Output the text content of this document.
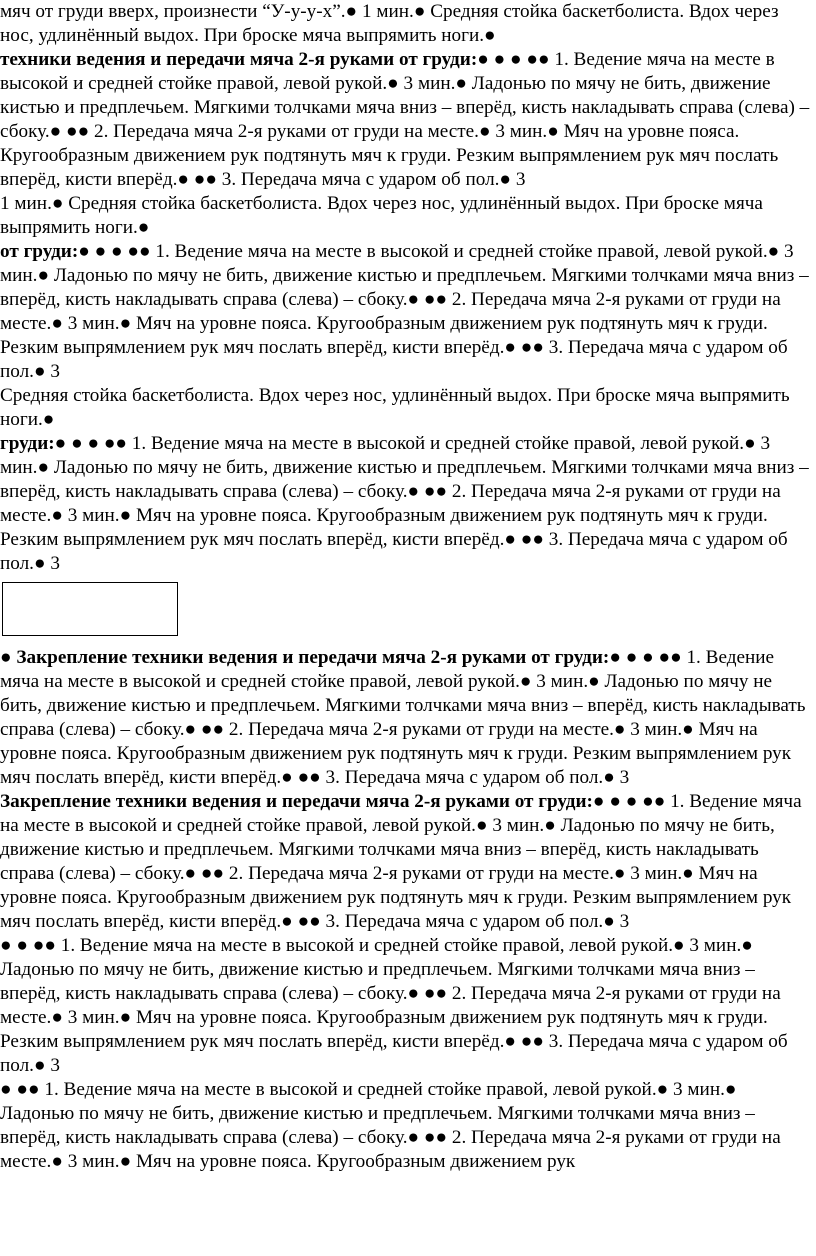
мяч от груди вверх, произнести “У-у-у-х”.● 1 мин.● Средняя стойка баскетболиста. Вдох через нос, удлинённый выдох. При броске мяча выпрямить ноги.●

техники ведения и передачи мяча 2-я руками от груди:● ● ● ●● 1. Ведение мяча на месте в высокой и средней стойке правой, левой рукой.● 3 мин.● Ладонью по мячу не бить, движение кистью и предплечьем. Мягкими толчками мяча вниз – вперёд, кисть накладывать справа (слева) – сбоку.● ●● 2. Передача мяча 2-я руками от груди на месте.● 3 мин.● Мяч на уровне пояса. Кругообразным движением рук подтянуть мяч к груди. Резким выпрямлением рук мяч послать вперёд, кисти вперёд.● ●● 3. Передача мяча с ударом об пол.● 3

1 мин.● Средняя стойка баскетболиста. Вдох через нос, удлинённый выдох. При броске мяча выпрямить ноги.●

от груди:● ● ● ●● 1. Ведение мяча на месте в высокой и средней стойке правой, левой рукой.● 3 мин.● Ладонью по мячу не бить, движение кистью и предплечьем. Мягкими толчками мяча вниз – вперёд, кисть накладывать справа (слева) – сбоку.● ●● 2. Передача мяча 2-я руками от груди на месте.● 3 мин.● Мяч на уровне пояса. Кругообразным движением рук подтянуть мяч к груди. Резким выпрямлением рук мяч послать вперёд, кисти вперёд.● ●● 3. Передача мяча с ударом об пол.● 3

Средняя стойка баскетболиста. Вдох через нос, удлинённый выдох. При броске мяча выпрямить ноги.●

груди:● ● ● ●● 1. Ведение мяча на месте в высокой и средней стойке правой, левой рукой.● 3 мин.● Ладонью по мячу не бить, движение кистью и предплечьем. Мягкими толчками мяча вниз – вперёд, кисть накладывать справа (слева) – сбоку.● ●● 2. Передача мяча 2-я руками от груди на месте.● 3 мин.● Мяч на уровне пояса. Кругообразным движением рук подтянуть мяч к груди. Резким выпрямлением рук мяч послать вперёд, кисти вперёд.● ●● 3. Передача мяча с ударом об пол.● 3

● Закрепление техники ведения и передачи мяча 2-я руками от груди:● ● ● ●● 1. Ведение мяча на месте в высокой и средней стойке правой, левой рукой.● 3 мин.● Ладонью по мячу не бить, движение кистью и предплечьем. Мягкими толчками мяча вниз – вперёд, кисть накладывать справа (слева) – сбоку.● ●● 2. Передача мяча 2-я руками от груди на месте.● 3 мин.● Мяч на уровне пояса. Кругообразным движением рук подтянуть мяч к груди. Резким выпрямлением рук мяч послать вперёд, кисти вперёд.● ●● 3. Передача мяча с ударом об пол.● 3

Закрепление техники ведения и передачи мяча 2-я руками от груди:● ● ● ●● 1. Ведение мяча на месте в высокой и средней стойке правой, левой рукой.● 3 мин.● Ладонью по мячу не бить, движение кистью и предплечьем. Мягкими толчками мяча вниз – вперёд, кисть накладывать справа (слева) – сбоку.● ●● 2. Передача мяча 2-я руками от груди на месте.● 3 мин.● Мяч на уровне пояса. Кругообразным движением рук подтянуть мяч к груди. Резким выпрямлением рук мяч послать вперёд, кисти вперёд.● ●● 3. Передача мяча с ударом об пол.● 3

● ● ●● 1. Ведение мяча на месте в высокой и средней стойке правой, левой рукой.● 3 мин.● Ладонью по мячу не бить, движение кистью и предплечьем. Мягкими толчками мяча вниз – вперёд, кисть накладывать справа (слева) – сбоку.● ●● 2. Передача мяча 2-я руками от груди на месте.● 3 мин.● Мяч на уровне пояса. Кругообразным движением рук подтянуть мяч к груди. Резким выпрямлением рук мяч послать вперёд, кисти вперёд.● ●● 3. Передача мяча с ударом об пол.● 3

● ●● 1. Ведение мяча на месте в высокой и средней стойке правой, левой рукой.● 3 мин.● Ладонью по мячу не бить, движение кистью и предплечьем. Мягкими толчками мяча вниз – вперёд, кисть накладывать справа (слева) – сбоку.● ●● 2. Передача мяча 2-я руками от груди на месте.● 3 мин.● Мяч на уровне пояса. Кругообразным движением рук
